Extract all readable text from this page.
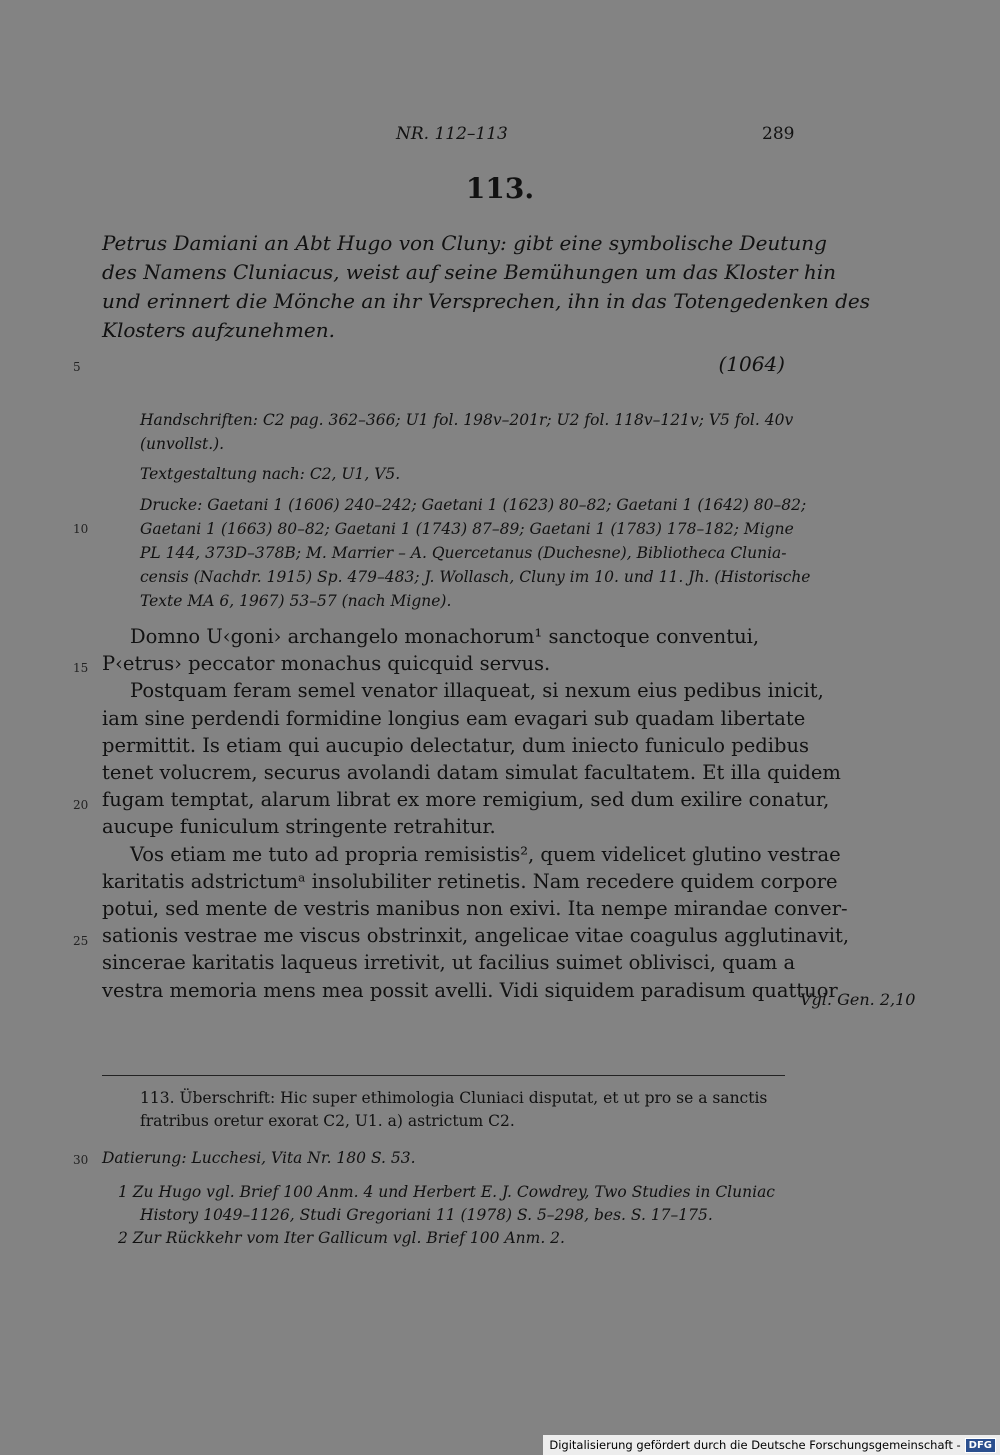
NR. 112–113	289
113.
Petrus Damiani an Abt Hugo von Cluny: gibt eine symbolische Deutung
des Namens Cluniacus, weist auf seine Bemühungen um das Kloster hin
und erinnert die Mönche an ihr Versprechen, ihn in das Totengedenken des
Klosters aufzunehmen.
5	(1064)
Handschriften: C2 pag. 362–366; U1 fol. 198v–201r; U2 fol. 118v–121v; V5 fol. 40v
(unvollst.).
Textgestaltung nach: C2, U1, V5.
Drucke: Gaetani 1 (1606) 240–242; Gaetani 1 (1623) 80–82; Gaetani 1 (1642) 80–82;
Gaetani 1 (1663) 80–82; Gaetani 1 (1743) 87–89; Gaetani 1 (1783) 178–182; Migne
PL 144, 373D–378B; M. Marrier – A. Quercetanus (Duchesne), Bibliotheca Clunia-
censis (Nachdr. 1915) Sp. 479–483; J. Wollasch, Cluny im 10. und 11. Jh. (Historische
Texte MA 6, 1967) 53–57 (nach Migne).
10
Domno U‹goni› archangelo monachorum¹ sanctoque conventui,
P‹etrus› peccator monachus quicquid servus.
Postquam feram semel venator illaqueat, si nexum eius pedibus inicit,
iam sine perdendi formidine longius eam evagari sub quadam libertate
permittit. Is etiam qui aucupio delectatur, dum iniecto funiculo pedibus
tenet volucrem, securus avolandi datam simulat facultatem. Et illa quidem
fugam temptat, alarum librat ex more remigium, sed dum exilire conatur,
aucupe funiculum stringente retrahitur.
Vos etiam me tuto ad propria remisistis², quem videlicet glutino vestrae
karitatis adstrictumᵃ insolubiliter retinetis. Nam recedere quidem corpore
potui, sed mente de vestris manibus non exivi. Ita nempe mirandae conver-
sationis vestrae me viscus obstrinxit, angelicae vitae coagulus agglutinavit,
sincerae karitatis laqueus irretivit, ut facilius suimet oblivisci, quam a
vestra memoria mens mea possit avelli. Vidi siquidem paradisum quattuor
15
20
25
Vgl. Gen. 2,10
113. Überschrift: Hic super ethimologia Cluniaci disputat, et ut pro se a sanctis
fratribus oretur exorat C2, U1. a) astrictum C2.
30 Datierung: Lucchesi, Vita Nr. 180 S. 53.
1 Zu Hugo vgl. Brief 100 Anm. 4 und Herbert E. J. Cowdrey, Two Studies in Cluniac
History 1049–1126, Studi Gregoriani 11 (1978) S. 5–298, bes. S. 17–175.
2 Zur Rückkehr vom Iter Gallicum vgl. Brief 100 Anm. 2.
Digitalisierung gefördert durch die Deutsche Forschungsgemeinschaft - DFG
